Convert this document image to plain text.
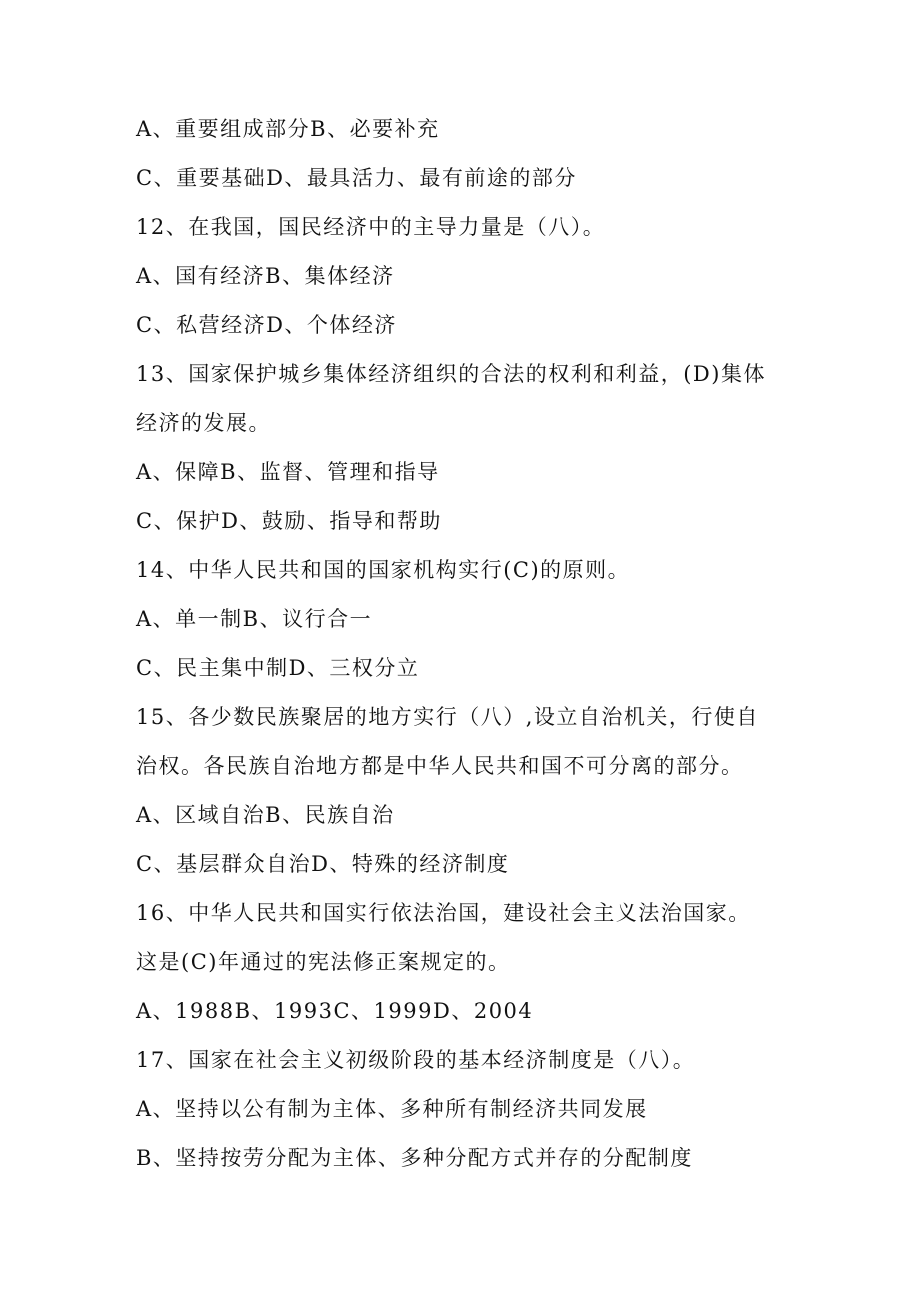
A、重要组成部分B、必要补充
C、重要基础D、最具活力、最有前途的部分
12、在我国，国民经济中的主导力量是（八）。
A、国有经济B、集体经济
C、私营经济D、个体经济
13、国家保护城乡集体经济组织的合法的权利和利益，(D)集体
经济的发展。
A、保障B、监督、管理和指导
C、保护D、鼓励、指导和帮助
14、中华人民共和国的国家机构实行(C)的原则。
A、单一制B、议行合一
C、民主集中制D、三权分立
15、各少数民族聚居的地方实行（八）,设立自治机关，行使自
治权。各民族自治地方都是中华人民共和国不可分离的部分。
A、区域自治B、民族自治
C、基层群众自治D、特殊的经济制度
16、中华人民共和国实行依法治国，建设社会主义法治国家。
这是(C)年通过的宪法修正案规定的。
A、1988B、1993C、1999D、2004
17、国家在社会主义初级阶段的基本经济制度是（八）。
A、坚持以公有制为主体、多种所有制经济共同发展
B、坚持按劳分配为主体、多种分配方式并存的分配制度
